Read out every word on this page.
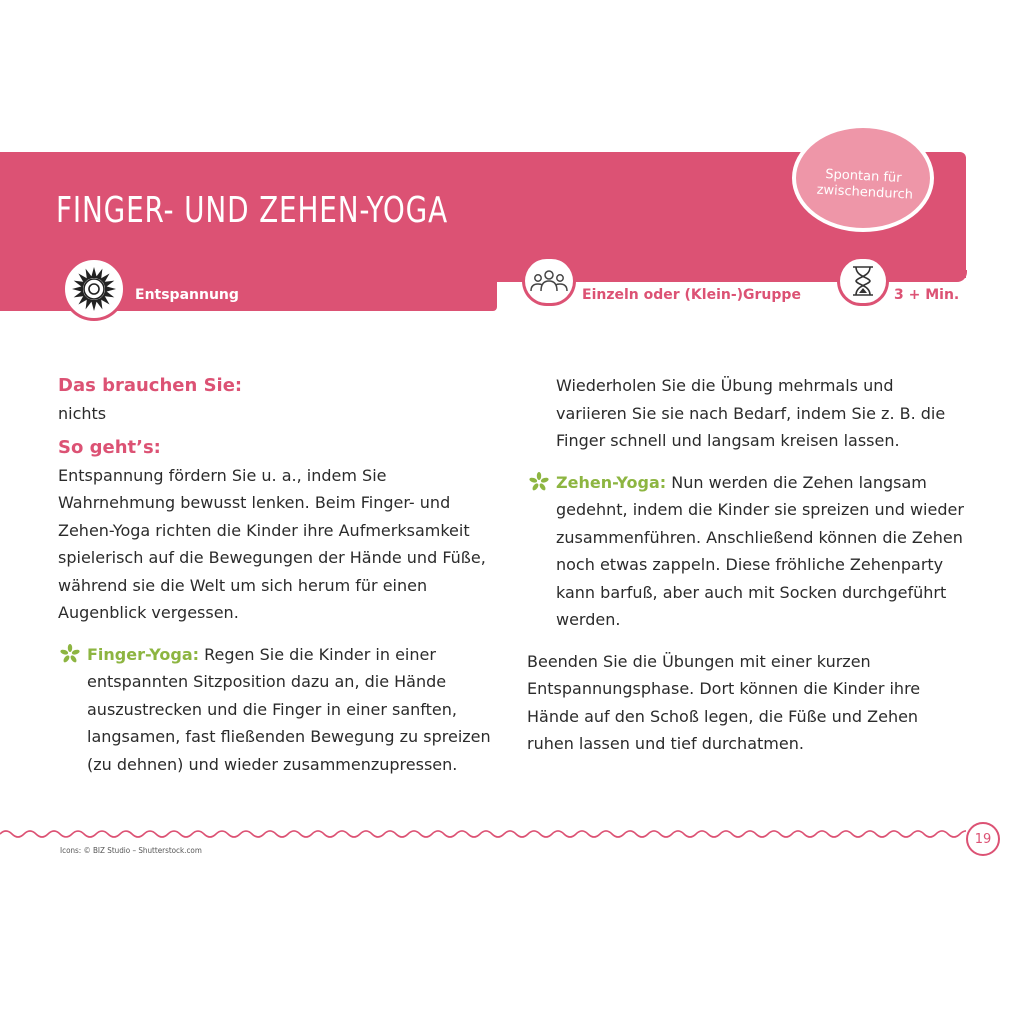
FINGER- UND ZEHEN-YOGA
Spontan für zwischendurch
Entspannung	Einzeln oder (Klein-)Gruppe	3 + Min.
Das brauchen Sie:

nichts

So geht’s:

Entspannung fördern Sie u. a., indem Sie Wahrnehmung bewusst lenken. Beim Finger- und Zehen-Yoga richten die Kinder ihre Aufmerksamkeit spielerisch auf die Bewegungen der Hände und Füße, während sie die Welt um sich herum für einen Augenblick vergessen.

Finger-Yoga: Regen Sie die Kinder in einer entspannten Sitzposition dazu an, die Hände auszustrecken und die Finger in einer sanften, langsamen, fast fließenden Bewegung zu spreizen (zu dehnen) und wieder zusammenzupressen.

Wiederholen Sie die Übung mehrmals und variieren Sie sie nach Bedarf, indem Sie z. B. die Finger schnell und langsam kreisen lassen.

Zehen-Yoga: Nun werden die Zehen langsam gedehnt, indem die Kinder sie spreizen und wieder zusammenführen. Anschließend können die Zehen noch etwas zappeln. Diese fröhliche Zehenparty kann barfuß, aber auch mit Socken durchgeführt werden.

Beenden Sie die Übungen mit einer kurzen Entspannungsphase. Dort können die Kinder ihre Hände auf den Schoß legen, die Füße und Zehen ruhen lassen und tief durchatmen.

19
Icons: © BIZ Studio – Shutterstock.com
